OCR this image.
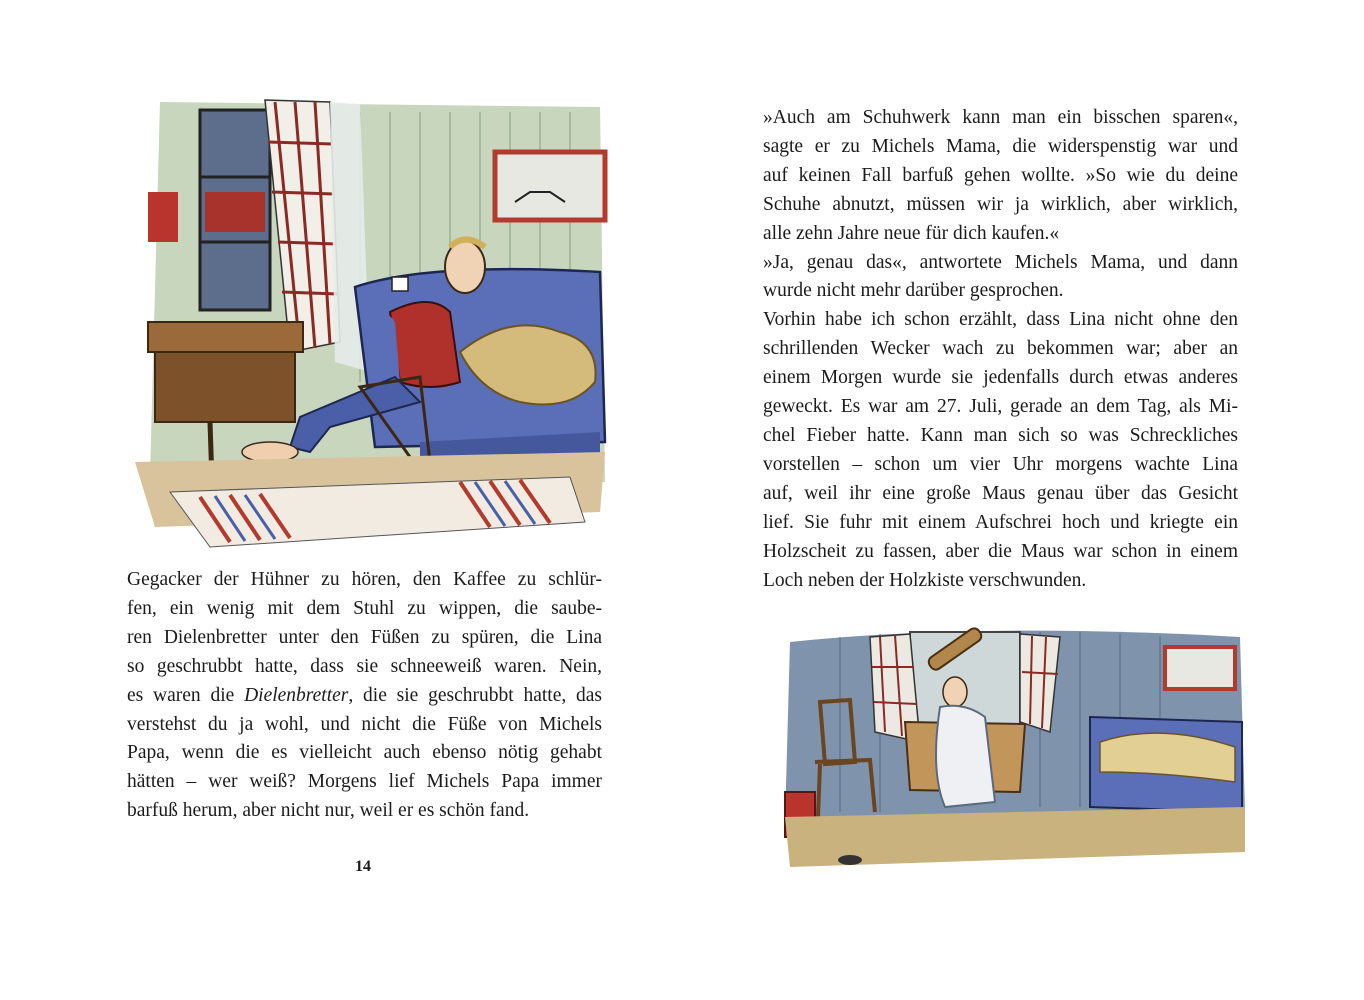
Gegacker der Hühner zu hören, den Kaffee zu schlür-
fen, ein wenig mit dem Stuhl zu wippen, die saube-
ren Dielenbretter unter den Füßen zu spüren, die Lina
so geschrubbt hatte, dass sie schneeweiß waren. Nein,
es waren die Dielenbretter, die sie geschrubbt hatte, das
verstehst du ja wohl, und nicht die Füße von Michels
Papa, wenn die es vielleicht auch ebenso nötig gehabt
hätten – wer weiß? Morgens lief Michels Papa immer
barfuß herum, aber nicht nur, weil er es schön fand.
14
»Auch am Schuhwerk kann man ein bisschen sparen«,
sagte er zu Michels Mama, die widerspenstig war und
auf keinen Fall barfuß gehen wollte. »So wie du deine
Schuhe abnutzt, müssen wir ja wirklich, aber wirklich,
alle zehn Jahre neue für dich kaufen.«
»Ja, genau das«, antwortete Michels Mama, und dann
wurde nicht mehr darüber gesprochen.
Vorhin habe ich schon erzählt, dass Lina nicht ohne den
schrillenden Wecker wach zu bekommen war; aber an
einem Morgen wurde sie jedenfalls durch etwas anderes
geweckt. Es war am 27. Juli, gerade an dem Tag, als Mi-
chel Fieber hatte. Kann man sich so was Schreckliches
vorstellen – schon um vier Uhr morgens wachte Lina
auf, weil ihr eine große Maus genau über das Gesicht
lief. Sie fuhr mit einem Aufschrei hoch und kriegte ein
Holzscheit zu fassen, aber die Maus war schon in einem
Loch neben der Holzkiste verschwunden.
